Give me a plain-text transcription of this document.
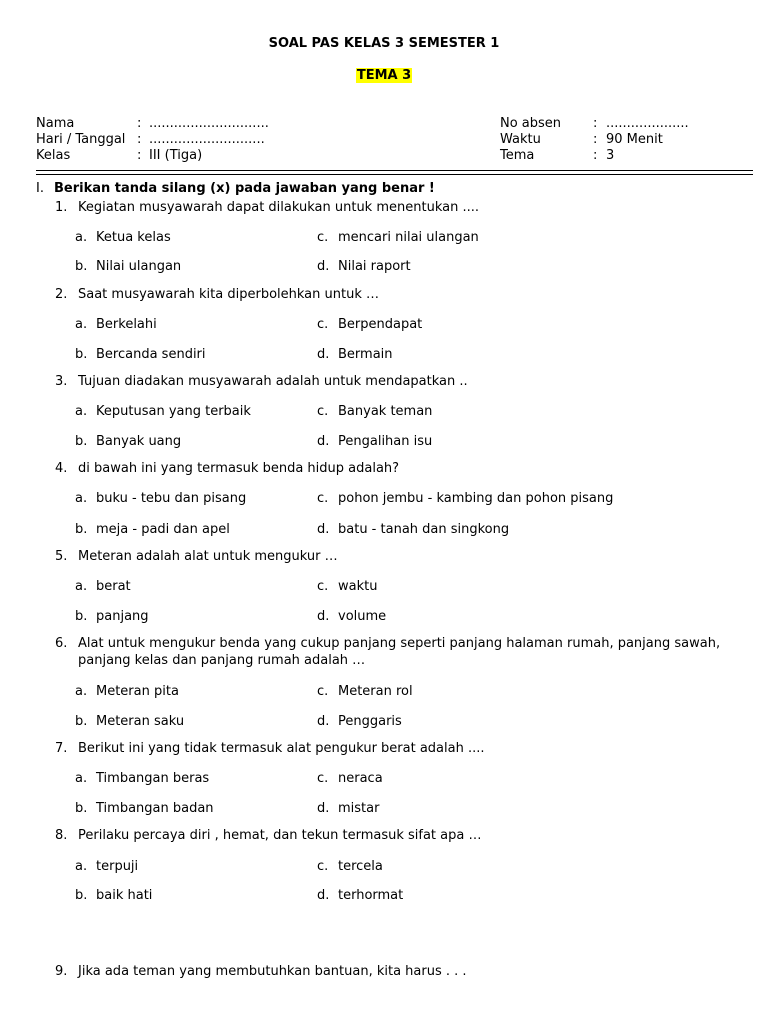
SOAL PAS KELAS 3 SEMESTER 1
TEMA 3
Nama	: .............................
Hari / Tanggal : ............................
Kelas	: III (Tiga)
No absen	: ....................
Waktu	: 90 Menit
Tema	: 3
I. Berikan tanda silang (x) pada jawaban yang benar !
1. Kegiatan musyawarah dapat dilakukan untuk menentukan ....
a. Ketua kelas	c. mencari nilai ulangan
b. Nilai ulangan	d. Nilai raport
2. Saat musyawarah kita diperbolehkan untuk …
a. Berkelahi	c. Berpendapat
b. Bercanda sendiri	d. Bermain
3. Tujuan diadakan musyawarah adalah untuk mendapatkan ..
a. Keputusan yang terbaik	c. Banyak teman
b. Banyak uang	d. Pengalihan isu
4. di bawah ini yang termasuk benda hidup adalah?
a. buku - tebu dan pisang	c. pohon jembu - kambing dan pohon pisang
b. meja - padi dan apel	d. batu - tanah dan singkong
5. Meteran adalah alat untuk mengukur …
a. berat	c. waktu
b. panjang	d. volume
6. Alat untuk mengukur benda yang cukup panjang seperti panjang halaman rumah, panjang sawah, panjang kelas dan panjang rumah adalah …
a. Meteran pita	c. Meteran rol
b. Meteran saku	d. Penggaris
7. Berikut ini yang tidak termasuk alat pengukur berat adalah ....
a. Timbangan beras	c. neraca
b. Timbangan badan	d. mistar
8. Perilaku percaya diri , hemat, dan tekun termasuk sifat apa …
a. terpuji	c. tercela
b. baik hati	d. terhormat
9. Jika ada teman yang membutuhkan bantuan, kita harus . . .
